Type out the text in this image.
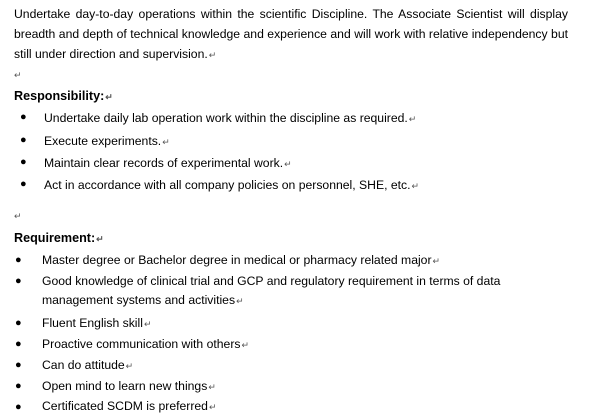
Undertake day-to-day operations within the scientific Discipline. The Associate Scientist will display breadth and depth of technical knowledge and experience and will work with relative independency but still under direction and supervision.↵
↵
Responsibility:↵
● Undertake daily lab operation work within the discipline as required.↵
● Execute experiments.↵
● Maintain clear records of experimental work.↵
● Act in accordance with all company policies on personnel, SHE, etc.↵
↵
Requirement:↵
● Master degree or Bachelor degree in medical or pharmacy related major↵
● Good knowledge of clinical trial and GCP and regulatory requirement in terms of data management systems and activities↵
● Fluent English skill↵
● Proactive communication with others↵
● Can do attitude↵
● Open mind to learn new things↵
● Certificated SCDM is preferred↵
